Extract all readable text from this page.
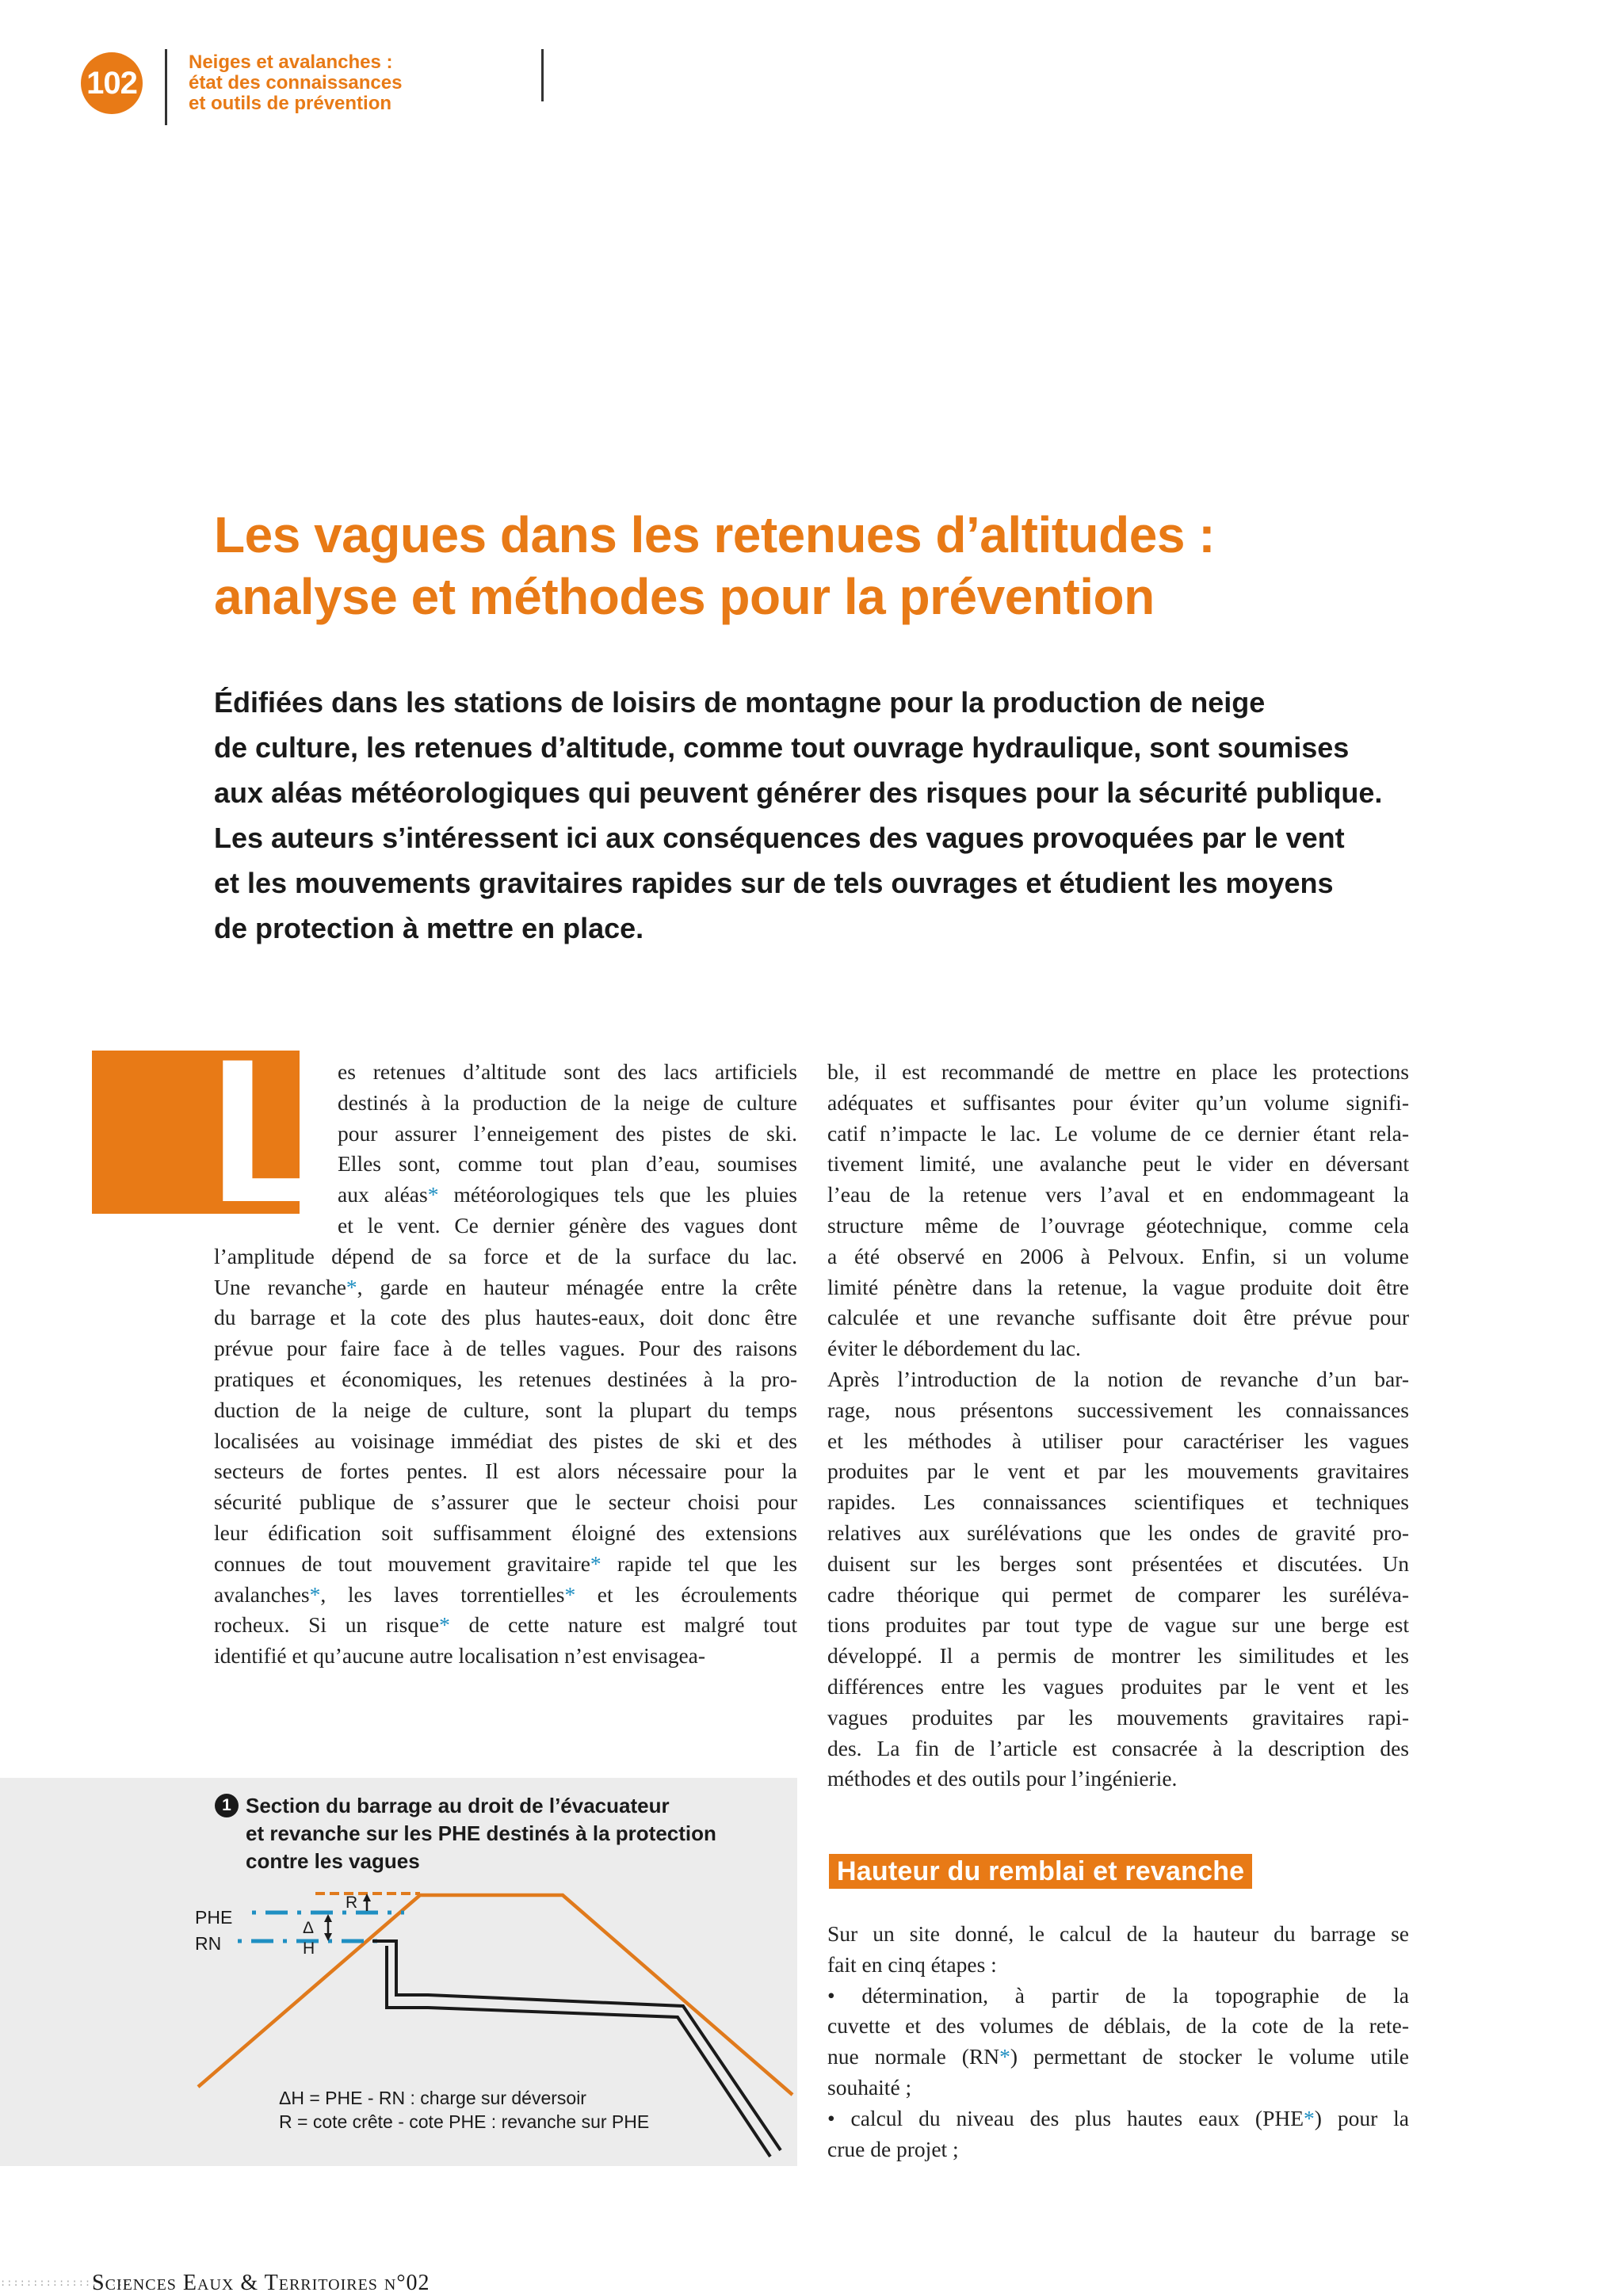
102
Neiges et avalanches :
état des connaissances
et outils de prévention
Les vagues dans les retenues d’altitudes :
analyse et méthodes pour la prévention
Édifiées dans les stations de loisirs de montagne pour la production de neige
de culture, les retenues d’altitude, comme tout ouvrage hydraulique, sont soumises
aux aléas météorologiques qui peuvent générer des risques pour la sécurité publique.
Les auteurs s’intéressent ici aux conséquences des vagues provoquées par le vent
et les mouvements gravitaires rapides sur de tels ouvrages et étudient les moyens
de protection à mettre en place.
L es retenues d’altitude sont des lacs artificiels
destinés à la production de la neige de culture
pour assurer l’enneigement des pistes de ski.
Elles sont, comme tout plan d’eau, soumises
aux aléas* météorologiques tels que les pluies
et le vent. Ce dernier génère des vagues dont
l’amplitude dépend de sa force et de la surface du lac.
Une revanche*, garde en hauteur ménagée entre la crête
du barrage et la cote des plus hautes-eaux, doit donc être
prévue pour faire face à de telles vagues. Pour des raisons
pratiques et économiques, les retenues destinées à la pro-
duction de la neige de culture, sont la plupart du temps
localisées au voisinage immédiat des pistes de ski et des
secteurs de fortes pentes. Il est alors nécessaire pour la
sécurité publique de s’assurer que le secteur choisi pour
leur édification soit suffisamment éloigné des extensions
connues de tout mouvement gravitaire* rapide tel que les
avalanches*, les laves torrentielles* et les écroulements
rocheux. Si un risque* de cette nature est malgré tout
identifié et qu’aucune autre localisation n’est envisagea-
ble, il est recommandé de mettre en place les protections
adéquates et suffisantes pour éviter qu’un volume signifi-
catif n’impacte le lac. Le volume de ce dernier étant rela-
tivement limité, une avalanche peut le vider en déversant
l’eau de la retenue vers l’aval et en endommageant la
structure même de l’ouvrage géotechnique, comme cela
a été observé en 2006 à Pelvoux. Enfin, si un volume
limité pénètre dans la retenue, la vague produite doit être
calculée et une revanche suffisante doit être prévue pour
éviter le débordement du lac.
Après l’introduction de la notion de revanche d’un bar-
rage, nous présentons successivement les connaissances
et les méthodes à utiliser pour caractériser les vagues
produites par le vent et par les mouvements gravitaires
rapides. Les connaissances scientifiques et techniques
relatives aux surélévations que les ondes de gravité pro-
duisent sur les berges sont présentées et discutées. Un
cadre théorique qui permet de comparer les suréléva-
tions produites par tout type de vague sur une berge est
développé. Il a permis de montrer les similitudes et les
différences entre les vagues produites par le vent et les
vagues produites par les mouvements gravitaires rapi-
des. La fin de l’article est consacrée à la description des
méthodes et des outils pour l’ingénierie.
Hauteur du remblai et revanche
Sur un site donné, le calcul de la hauteur du barrage se
fait en cinq étapes :
• détermination, à partir de la topographie de la
cuvette et des volumes de déblais, de la cote de la rete-
nue normale (RN*) permettant de stocker le volume utile
souhaité ;
• calcul du niveau des plus hautes eaux (PHE*) pour la
crue de projet ;
1 Section du barrage au droit de l’évacuateur
et revanche sur les PHE destinés à la protection
contre les vagues
PHE
RN
R
Δ
H
ΔH = PHE - RN : charge sur déversoir
R = cote crête - cote PHE : revanche sur PHE
::::::::::::::::::::
Sciences Eaux & Territoires n°02
